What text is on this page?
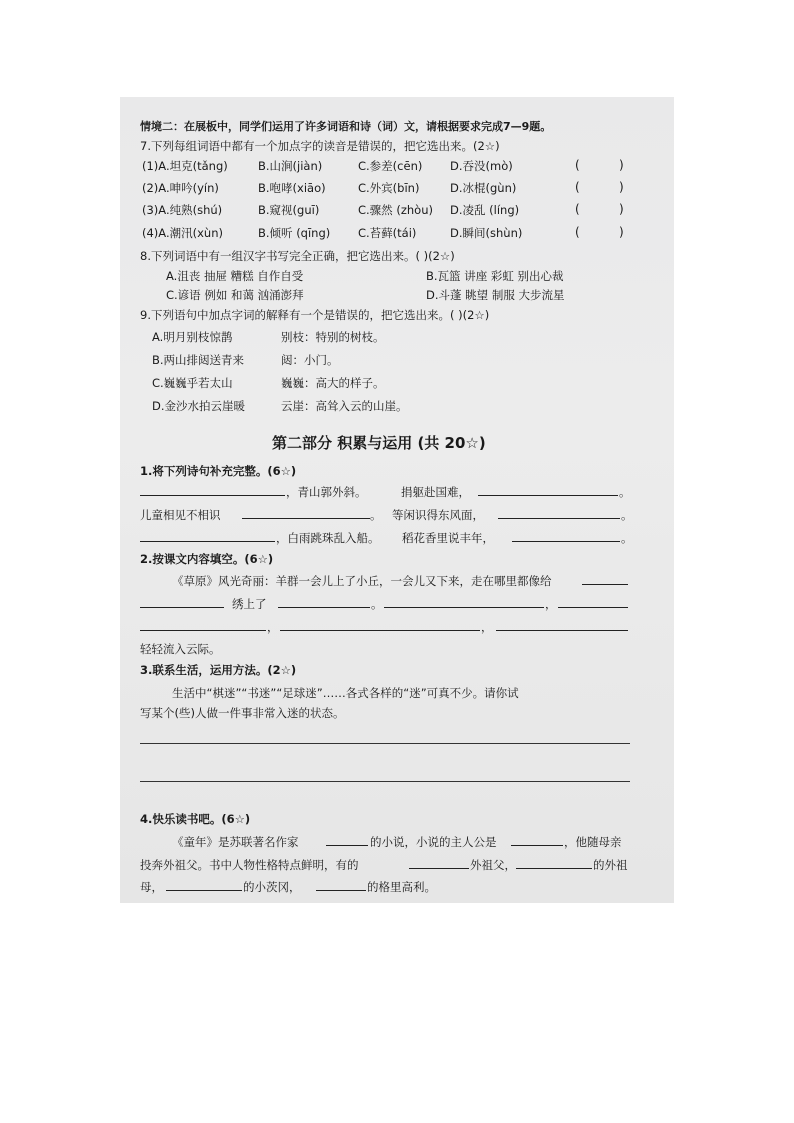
情境二：在展板中，同学们运用了许多词语和诗（词）文，请根据要求完成7—9题。
7.下列每组词语中都有一个加点字的读音是错误的，把它选出来。(2☆)
(1)A.坦克(tǎng)	B.山涧(jiàn)	C.参差(cēn) D.吞没(mò)	(	)
(2)A.呻吟(yín)	B.咆哮(xiāo)	C.外宾(bīn)	D.冰棍(gùn)	(	)
(3)A.纯熟(shú)	B.窥视(guī)	C.骤然 (zhòu) D.凌乱 (líng)	(	)
(4)A.潮汛(xùn)	B.倾听 (qīng) C.苔藓(tái)	D.瞬间(shùn)	(	)
8.下列词语中有一组汉字书写完全正确，把它选出来。( )(2☆)
A.沮丧 抽屉 糟糕 自作自受	B.瓦篮 讲座 彩虹 别出心裁
C.谚语 例如 和蔼 汹涌澎拜	D.斗蓬 眺望 制服 大步流星
9.下列语句中加点字词的解释有一个是错误的，把它选出来。( )(2☆)
A.明月别枝惊鹊	别枝：特别的树枝。
B.两山排闼送青来	闼：小门。
C.巍巍乎若太山	巍巍：高大的样子。
D.金沙水拍云崖暖	云崖：高耸入云的山崖。
第二部分 积累与运用 (共 20☆)
1.将下列诗句补充完整。(6☆)
，青山郭外斜。	捐躯赴国难，	。
儿童相见不相识	。 等闲识得东风面，	。
，白雨跳珠乱入船。 稻花香里说丰年，	。
2.按课文内容填空。(6☆)
《草原》风光奇丽：羊群一会儿上了小丘，一会儿又下来，走在哪里都像给
绣上了	。	，
，	，
轻轻流入云际。
3.联系生活，运用方法。(2☆)
生活中“棋迷”“书迷”“足球迷”……各式各样的“迷”可真不少。请你试
写某个(些)人做一件事非常入迷的状态。
4.快乐读书吧。(6☆)
《童年》是苏联著名作家	的小说，小说的主人公是	，他随母亲
投奔外祖父。书中人物性格特点鲜明，有的	外祖父，	的外祖
母，	的小茨冈，	的格里高利。
